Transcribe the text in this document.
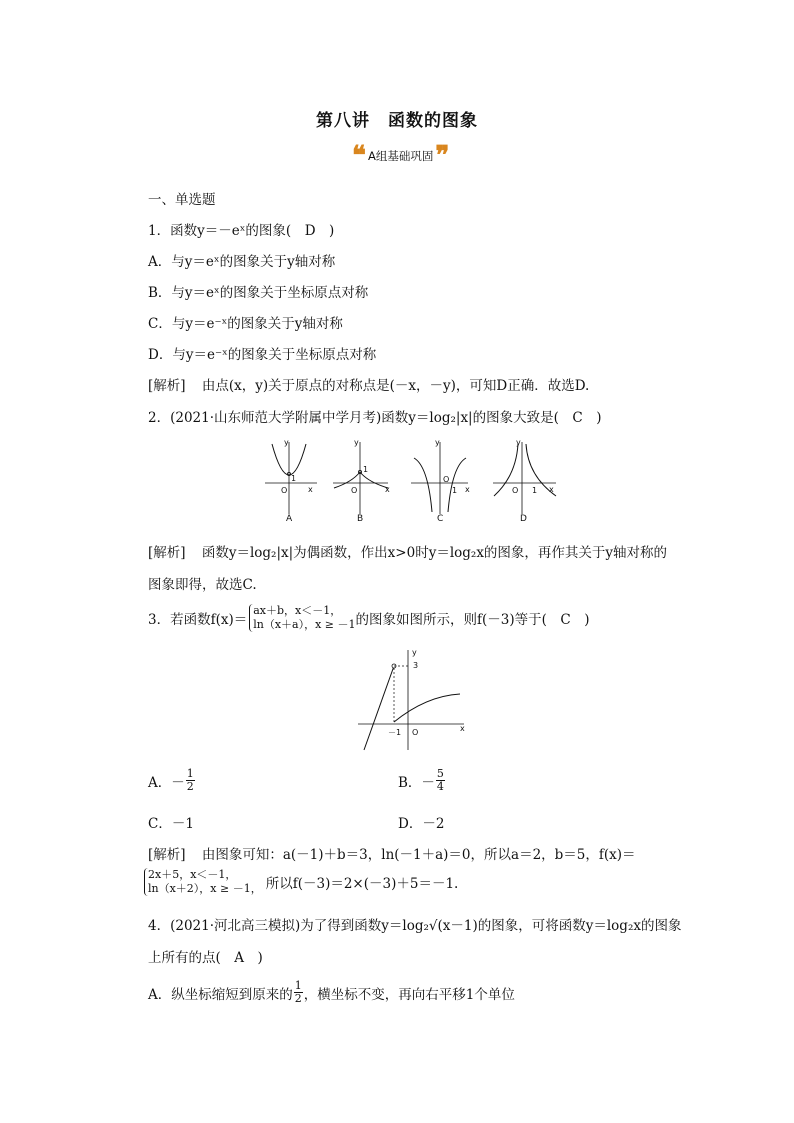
第八讲　函数的图象
❝ A组基础巩固 ❞
一、单选题
1．函数y＝－eˣ的图象(　D　)
A．与y＝eˣ的图象关于y轴对称
B．与y＝eˣ的图象关于坐标原点对称
C．与y＝e⁻ˣ的图象关于y轴对称
D．与y＝e⁻ˣ的图象关于坐标原点对称
[解析] 由点(x，y)关于原点的对称点是(－x，－y)，可知D正确．故选D.
2．(2021·山东师范大学附属中学月考)函数y＝log₂|x|的图象大致是(　C　)
y
x
O
1
A
y
x
O
1
B
y
x
O
1
C
y
x
O 1
D
[解析] 函数y＝log₂|x|为偶函数，作出x>0时y＝log₂x的图象，再作其关于y轴对称的
图象即得，故选C.
3．若函数f(x)＝
ax＋b，x＜－1，
ln（x＋a），x ≥ －1 的图象如图所示，则f(－3)等于(　C　)
y
x
O
3
－1
A．－ $\frac{1}{2}$	B．－ $\frac{5}{4}$
C．－1	D．－2
[解析] 由图象可知：a(－1)＋b＝3，ln(－1＋a)＝0，所以a＝2，b＝5，f(x)＝
2x＋5，x＜－1，
ln（x＋2），x ≥ －1， 所以f(－3)＝2×(－3)＋5＝－1.
4．(2021·河北高三模拟)为了得到函数y＝log₂√(x－1)的图象，可将函数y＝log₂x的图象
上所有的点(　A　)
A．纵坐标缩短到原来的 $\frac{1}{2}$ ，横坐标不变，再向右平移1个单位
